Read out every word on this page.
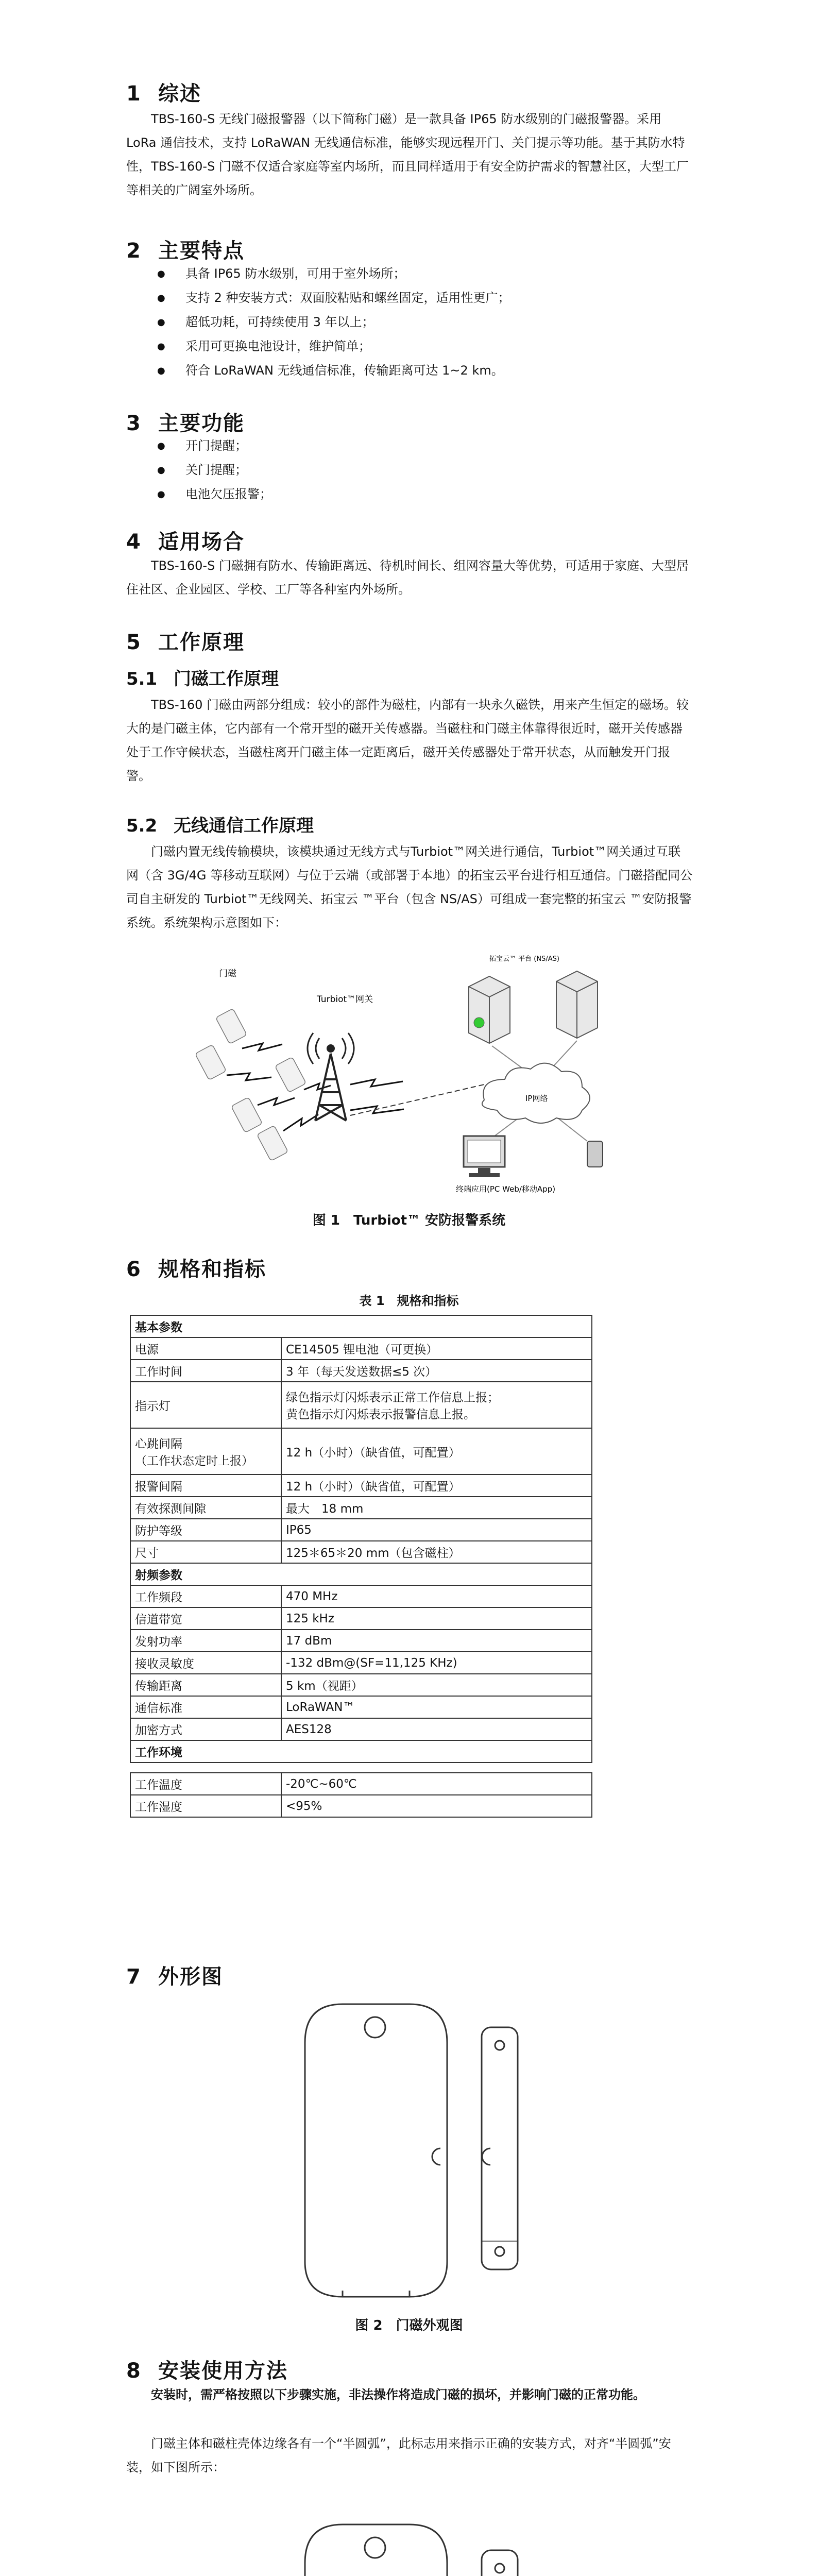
1 综述

TBS-160-S 无线门磁报警器（以下简称门磁）是一款具备 IP65 防水级别的门磁报警器。采用 LoRa 通信技术，支持 LoRaWAN 无线通信标准，能够实现远程开门、关门提示等功能。基于其防水特性，TBS-160-S 门磁不仅适合家庭等室内场所，而且同样适用于有安全防护需求的智慧社区，大型工厂等相关的广阔室外场所。

2 主要特点
● 具备 IP65 防水级别，可用于室外场所；
● 支持 2 种安装方式：双面胶粘贴和螺丝固定，适用性更广；
● 超低功耗，可持续使用 3 年以上；
● 采用可更换电池设计，维护简单；
● 符合 LoRaWAN 无线通信标准，传输距离可达 1~2 km。
3 主要功能
● 开门提醒；
● 关门提醒；
● 电池欠压报警；
4 适用场合

TBS-160-S 门磁拥有防水、传输距离远、待机时间长、组网容量大等优势，可适用于家庭、大型居住社区、企业园区、学校、工厂等各种室内外场所。

5 工作原理
5.1 门磁工作原理

TBS-160 门磁由两部分组成：较小的部件为磁柱，内部有一块永久磁铁，用来产生恒定的磁场。较大的是门磁主体，它内部有一个常开型的磁开关传感器。当磁柱和门磁主体靠得很近时，磁开关传感器处于工作守候状态，当磁柱离开门磁主体一定距离后，磁开关传感器处于常开状态，从而触发开门报警。

5.2 无线通信工作原理

门磁内置无线传输模块，该模块通过无线方式与Turbiot™网关进行通信，Turbiot™网关通过互联网（含 3G/4G 等移动互联网）与位于云端（或部署于本地）的拓宝云平台进行相互通信。门磁搭配同公司自主研发的 Turbiot™无线网关、拓宝云 ™平台（包含 NS/AS）可组成一套完整的拓宝云 ™安防报警系统。系统架构示意图如下：

门磁
Turbiot™网关
拓宝云™ 平台 (NS/AS)
IP网络
终端应用(PC Web/移动App)
图 1　Turbiot™ 安防报警系统
6 规格和指标
表 1　规格和指标
基本参数	
电源	CE14505 锂电池（可更换）
工作时间	3 年（每天发送数据≤5 次）
指示灯	绿色指示灯闪烁表示正常工作信息上报；
黄色指示灯闪烁表示报警信息上报。

心跳间隔
（工作状态定时上报）	12 h（小时）（缺省值，可配置）
报警间隔	12 h（小时）（缺省值，可配置）
有效探测间隙	最大　18 mm
防护等级	IP65
尺寸	125＊65＊20 mm（包含磁柱）
射频参数	
工作频段	470 MHz
信道带宽	125 kHz
发射功率	17 dBm
接收灵敏度	-132 dBm@(SF=11,125 KHz)
传输距离	5 km（视距）
通信标准	LoRaWAN™
加密方式	AES128
工作环境	

工作温度	-20℃~60℃
工作湿度	<95%
7 外形图
图 2　门磁外观图
8 安装使用方法

安装时，需严格按照以下步骤实施，非法操作将造成门磁的损坏，并影响门磁的正常功能。

门磁主体和磁柱壳体边缘各有一个“半圆弧”，此标志用来指示正确的安装方式，对齐“半圆弧”安装，如下图所示：
